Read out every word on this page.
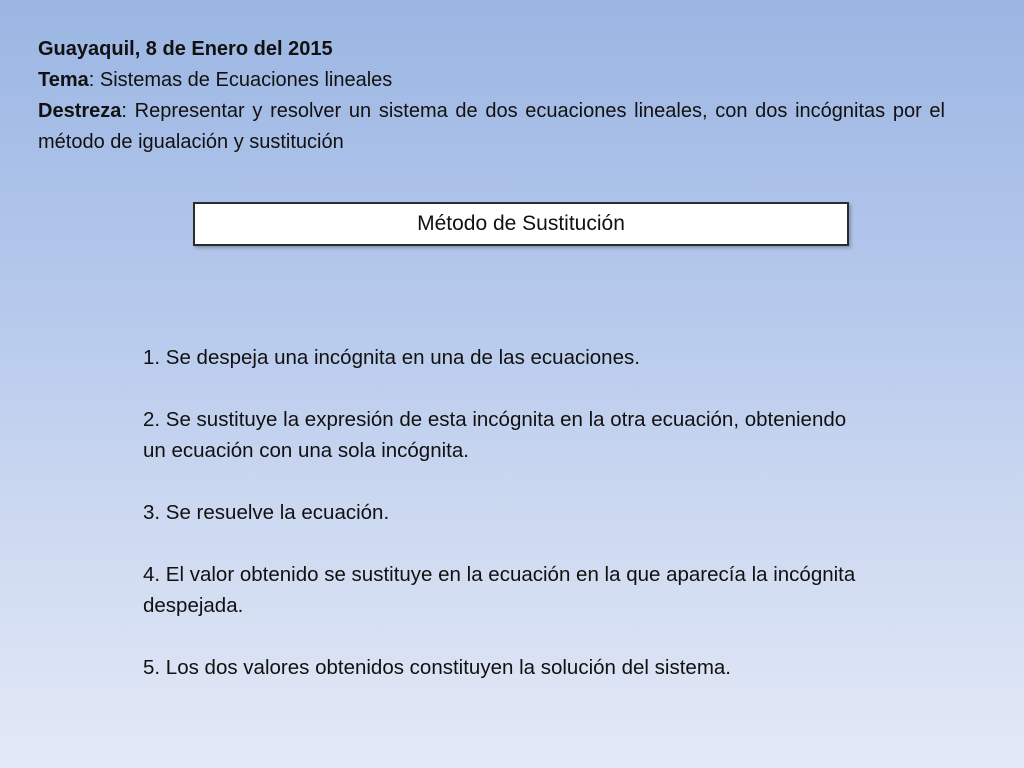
Guayaquil, 8 de Enero del 2015

Tema: Sistemas de Ecuaciones lineales

Destreza: Representar y resolver un sistema de dos ecuaciones lineales, con dos incógnitas por el método de igualación y sustitución

Método de Sustitución

1. Se despeja una incógnita en una de las ecuaciones.

2. Se sustituye la expresión de esta incógnita en la otra ecuación, obteniendo un ecuación con una sola incógnita.

3. Se resuelve la ecuación.

4. El valor obtenido se sustituye en la ecuación en la que aparecía la incógnita despejada.

5. Los dos valores obtenidos constituyen la solución del sistema.
